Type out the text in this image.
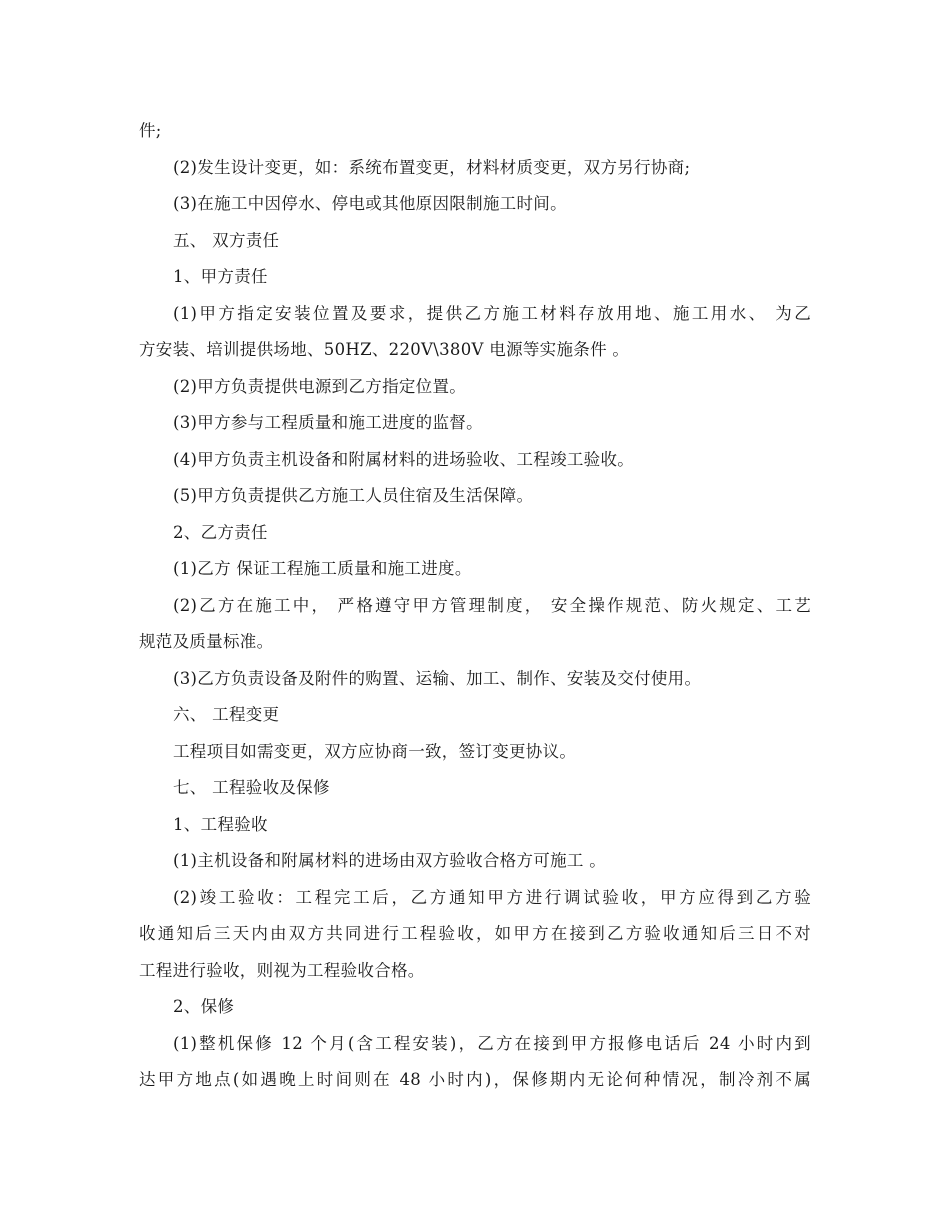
件;
(2)发生设计变更，如：系统布置变更，材料材质变更，双方另行协商;
(3)在施工中因停水、停电或其他原因限制施工时间。
五、 双方责任
1、甲方责任
(1)甲方指定安装位置及要求，提供乙方施工材料存放用地、施工用水、 为乙
方安装、培训提供场地、50HZ、220V\380V 电源等实施条件 。
(2)甲方负责提供电源到乙方指定位置。
(3)甲方参与工程质量和施工进度的监督。
(4)甲方负责主机设备和附属材料的进场验收、工程竣工验收。
(5)甲方负责提供乙方施工人员住宿及生活保障。
2、乙方责任
(1)乙方 保证工程施工质量和施工进度。
(2)乙方在施工中， 严格遵守甲方管理制度， 安全操作规范、防火规定、工艺
规范及质量标准。
(3)乙方负责设备及附件的购置、运输、加工、制作、安装及交付使用。
六、 工程变更
工程项目如需变更，双方应协商一致，签订变更协议。
七、 工程验收及保修
1、工程验收
(1)主机设备和附属材料的进场由双方验收合格方可施工 。
(2)竣工验收：工程完工后，乙方通知甲方进行调试验收，甲方应得到乙方验
收通知后三天内由双方共同进行工程验收，如甲方在接到乙方验收通知后三日不对
工程进行验收，则视为工程验收合格。
2、保修
(1)整机保修 12 个月(含工程安装)，乙方在接到甲方报修电话后 24 小时内到
达甲方地点(如遇晚上时间则在 48 小时内)，保修期内无论何种情况，制冷剂不属
